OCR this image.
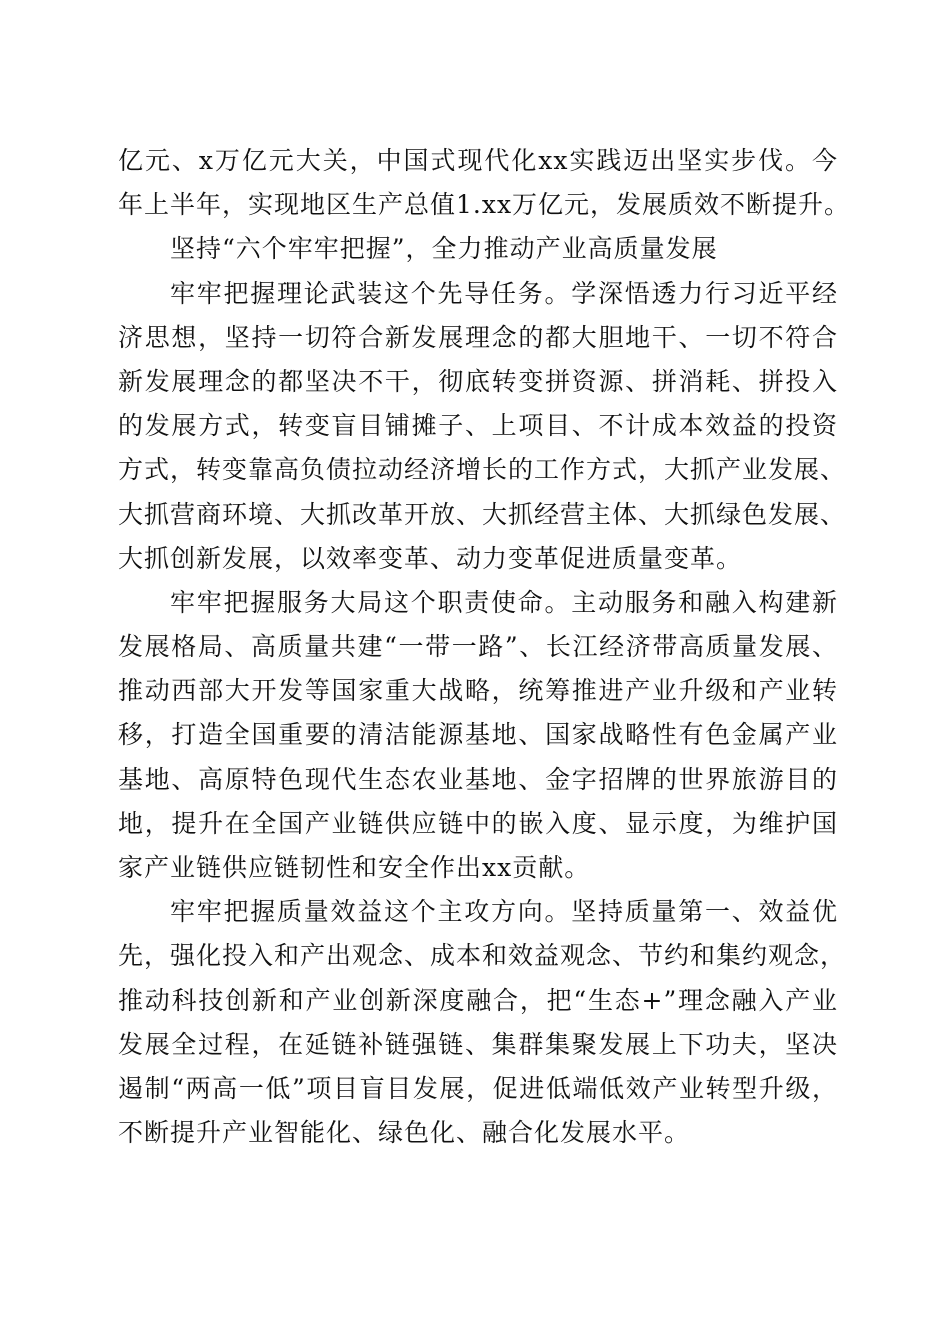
亿元、x万亿元大关，中国式现代化xx实践迈出坚实步伐。今
年上半年，实现地区生产总值1.xx万亿元，发展质效不断提升。
坚持“六个牢牢把握”，全力推动产业高质量发展
牢牢把握理论武装这个先导任务。学深悟透力行习近平经
济思想，坚持一切符合新发展理念的都大胆地干、一切不符合
新发展理念的都坚决不干，彻底转变拼资源、拼消耗、拼投入
的发展方式，转变盲目铺摊子、上项目、不计成本效益的投资
方式，转变靠高负债拉动经济增长的工作方式，大抓产业发展、
大抓营商环境、大抓改革开放、大抓经营主体、大抓绿色发展、
大抓创新发展，以效率变革、动力变革促进质量变革。
牢牢把握服务大局这个职责使命。主动服务和融入构建新
发展格局、高质量共建“一带一路”、长江经济带高质量发展、
推动西部大开发等国家重大战略，统筹推进产业升级和产业转
移，打造全国重要的清洁能源基地、国家战略性有色金属产业
基地、高原特色现代生态农业基地、金字招牌的世界旅游目的
地，提升在全国产业链供应链中的嵌入度、显示度，为维护国
家产业链供应链韧性和安全作出xx贡献。
牢牢把握质量效益这个主攻方向。坚持质量第一、效益优
先，强化投入和产出观念、成本和效益观念、节约和集约观念，
推动科技创新和产业创新深度融合，把“生态+”理念融入产业
发展全过程，在延链补链强链、集群集聚发展上下功夫，坚决
遏制“两高一低”项目盲目发展，促进低端低效产业转型升级，
不断提升产业智能化、绿色化、融合化发展水平。
